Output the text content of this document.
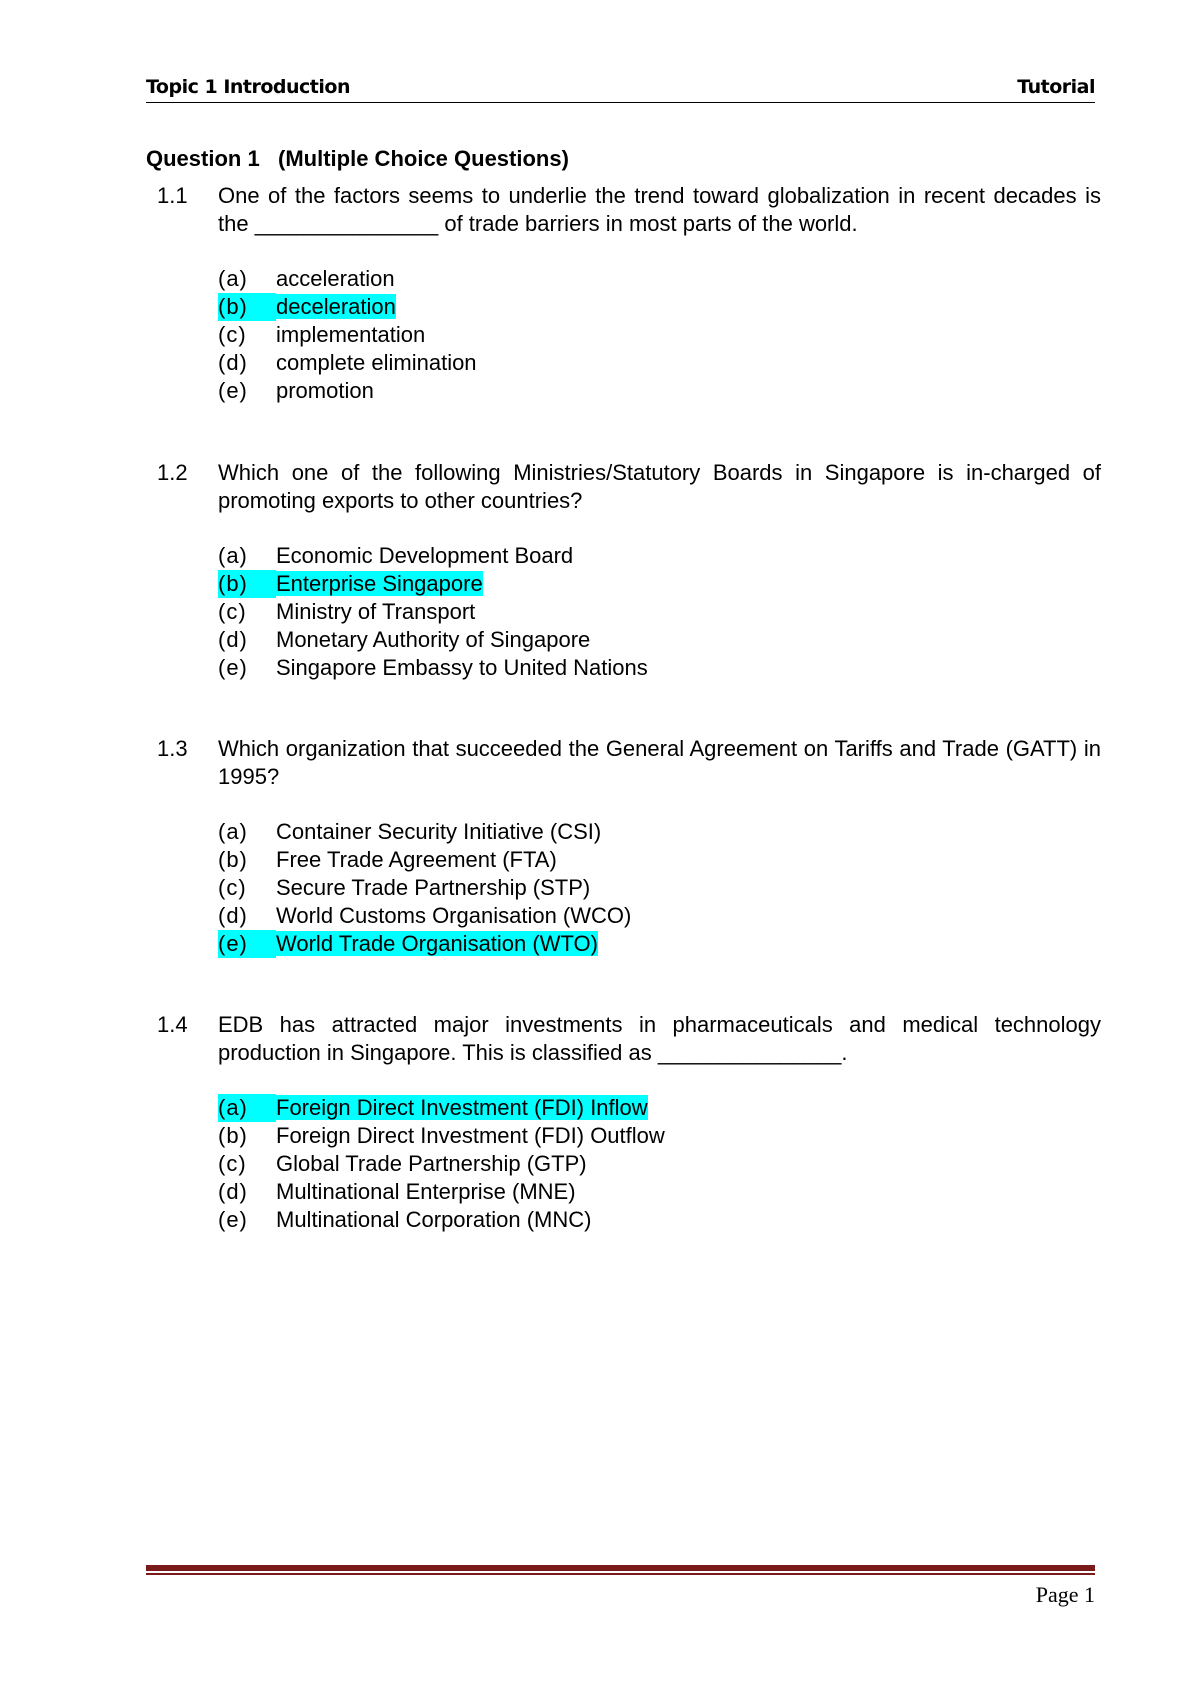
Topic 1 Introduction	Tutorial
Question 1   (Multiple Choice Questions)
1.1 One of the factors seems to underlie the trend toward globalization in recent decades is the _______________ of trade barriers in most parts of the world.
(a) acceleration
(b) deceleration
(c) implementation
(d) complete elimination
(e) promotion
1.2 Which one of the following Ministries/Statutory Boards in Singapore is in-charged of promoting exports to other countries?
(a) Economic Development Board
(b) Enterprise Singapore
(c) Ministry of Transport
(d) Monetary Authority of Singapore
(e) Singapore Embassy to United Nations
1.3 Which organization that succeeded the General Agreement on Tariffs and Trade (GATT) in 1995?
(a) Container Security Initiative (CSI)
(b) Free Trade Agreement (FTA)
(c) Secure Trade Partnership (STP)
(d) World Customs Organisation (WCO)
(e) World Trade Organisation (WTO)
1.4 EDB has attracted major investments in pharmaceuticals and medical technology production in Singapore. This is classified as _______________.
(a) Foreign Direct Investment (FDI) Inflow
(b) Foreign Direct Investment (FDI) Outflow
(c) Global Trade Partnership (GTP)
(d) Multinational Enterprise (MNE)
(e) Multinational Corporation (MNC)
Page 1
